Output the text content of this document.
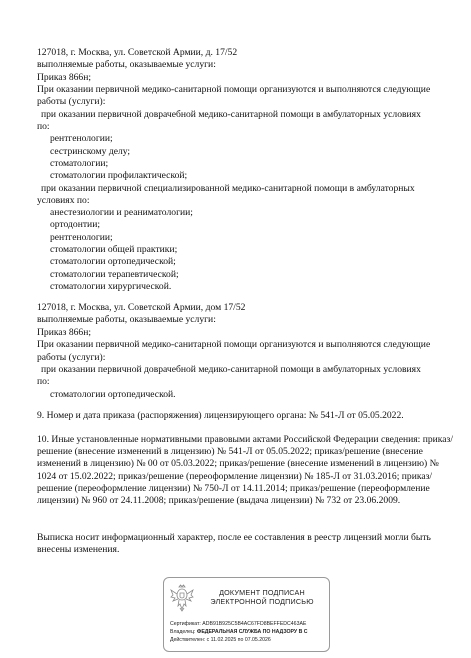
127018, г. Москва, ул. Советской Армии, д. 17/52
выполняемые работы, оказываемые услуги:
Приказ 866н;
При оказании первичной медико-санитарной помощи организуются и выполняются следующие
работы (услуги):
при оказании первичной доврачебной медико-санитарной помощи в амбулаторных условиях
по:
рентгенологии;
сестринскому делу;
стоматологии;
стоматологии профилактической;
при оказании первичной специализированной медико-санитарной помощи в амбулаторных
условиях по:
анестезиологии и реаниматологии;
ортодонтии;
рентгенологии;
стоматологии общей практики;
стоматологии ортопедической;
стоматологии терапевтической;
стоматологии хирургической.
127018, г. Москва, ул. Советской Армии, дом 17/52
выполняемые работы, оказываемые услуги:
Приказ 866н;
При оказании первичной медико-санитарной помощи организуются и выполняются следующие
работы (услуги):
при оказании первичной доврачебной медико-санитарной помощи в амбулаторных условиях
по:
стоматологии ортопедической.
9. Номер и дата приказа (распоряжения) лицензирующего органа: № 541-Л от 05.05.2022.
10. Иные установленные нормативными правовыми актами Российской Федерации сведения: приказ/решение (внесение изменений в лицензию) № 541-Л от 05.05.2022; приказ/решение (внесение изменений в лицензию) № 00 от 05.03.2022; приказ/решение (внесение изменений в лицензию) № 1024 от 15.02.2022; приказ/решение (переоформление лицензии) № 185-Л от 31.03.2016; приказ/решение (переоформление лицензии) № 750-Л от 14.11.2014; приказ/решение (переоформление лицензии) № 960 от 24.11.2008; приказ/решение (выдача лицензии) № 732 от 23.06.2009.
Выписка носит информационный характер, после ее составления в реестр лицензий могли быть внесены изменения.
ДОКУМЕНТ ПОДПИСАН
ЭЛЕКТРОННОЙ ПОДПИСЬЮ
Сертификат: ADB91B925C5B4AC67FD8BEFFEDC463AE
Владелец: ФЕДЕРАЛЬНАЯ СЛУЖБА ПО НАДЗОРУ В С
Действителен: с 11.02.2025 по 07.05.2026
